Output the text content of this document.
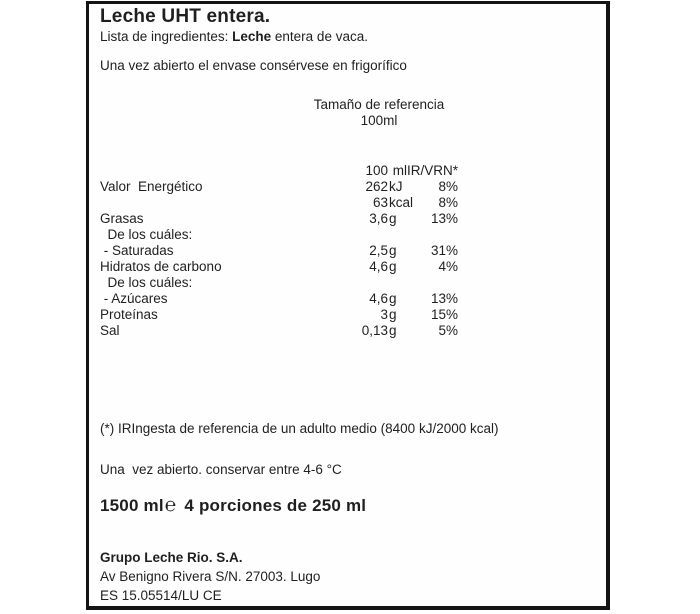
Leche UHT entera.

Lista de ingredientes: Leche entera de vaca.

Una vez abierto el envase consérvese en frigorífico

Tamaño de referencia
100ml
100 ml IR/VRN*
Valor  Energético	262 kJ	8%
63 kcal	8%
Grasas	3,6 g	13%
De los cuáles:
- Saturadas	2,5 g	31%
Hidratos de carbono	4,6 g	4%
De los cuáles:
- Azúcares	4,6 g	13%
Proteínas	3 g	15%
Sal	0,13 g	5%

(*) IRIngesta de referencia de un adulto medio (8400 kJ/2000 kcal)

Una  vez abierto. conservar entre 4-6 °C

1500 ml℮ 4 porciones de 250 ml

Grupo Leche Rio. S.A.
Av Benigno Rivera S/N. 27003. Lugo
ES 15.05514/LU CE
